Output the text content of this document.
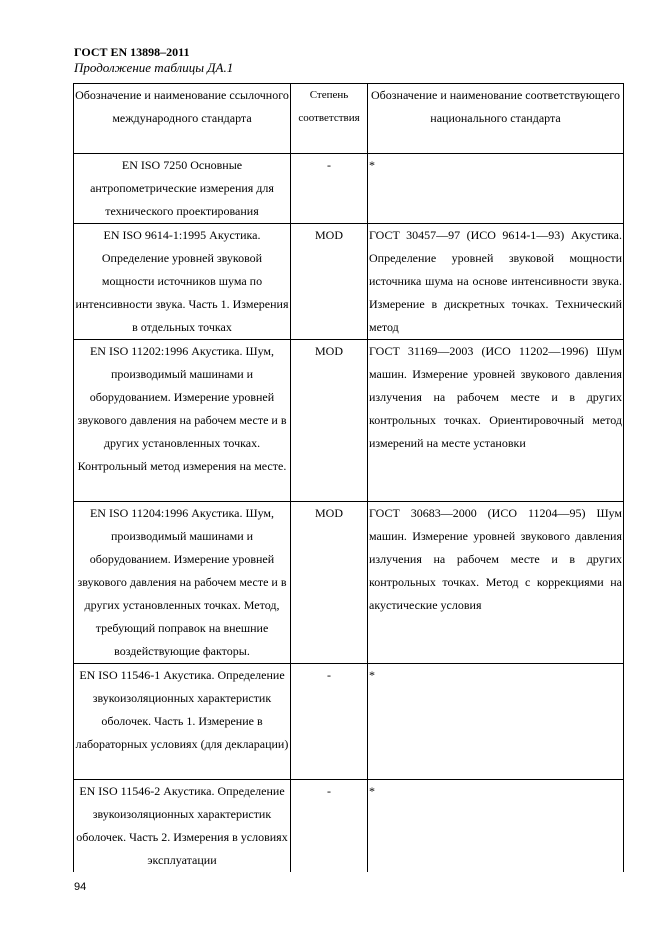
ГОСТ EN 13898–2011
Продолжение таблицы ДА.1
Обозначение и наименование ссылочного международного стандарта	Степень соответствия	Обозначение и наименование соответствующего национального стандарта
EN ISO 7250 Основные антропометрические измерения для технического проектирования	-	*
EN ISO 9614-1:1995 Акустика. Определение уровней звуковой мощности источников шума по интенсивности звука. Часть 1. Измерения в отдельных точках	MOD	ГОСТ 30457—97 (ИСО 9614-1—93) Акустика. Определение уровней звуковой мощности источника шума на основе интенсивности звука. Измерение в дискретных точках. Технический метод
EN ISO 11202:1996 Акустика. Шум, производимый машинами и оборудованием. Измерение уровней звукового давления на рабочем месте и в других установленных точках. Контрольный метод измерения на месте.	MOD	ГОСТ 31169—2003 (ИСО 11202—1996) Шум машин. Измерение уровней звукового давления излучения на рабочем месте и в других контрольных точках. Ориентировочный метод измерений на месте установки
EN ISO 11204:1996 Акустика. Шум, производимый машинами и оборудованием. Измерение уровней звукового давления на рабочем месте и в других установленных точках. Метод, требующий поправок на внешние воздействующие факторы.	MOD	ГОСТ 30683—2000 (ИСО 11204—95) Шум машин. Измерение уровней звукового давления излучения на рабочем месте и в других контрольных точках. Метод с коррекциями на акустические условия
EN ISO 11546-1 Акустика. Определение звукоизоляционных характеристик оболочек. Часть 1. Измерение в лабораторных условиях (для декларации)	-	*
EN ISO 11546-2 Акустика. Определение звукоизоляционных характеристик оболочек. Часть 2. Измерения в условиях эксплуатации	-	*
94
